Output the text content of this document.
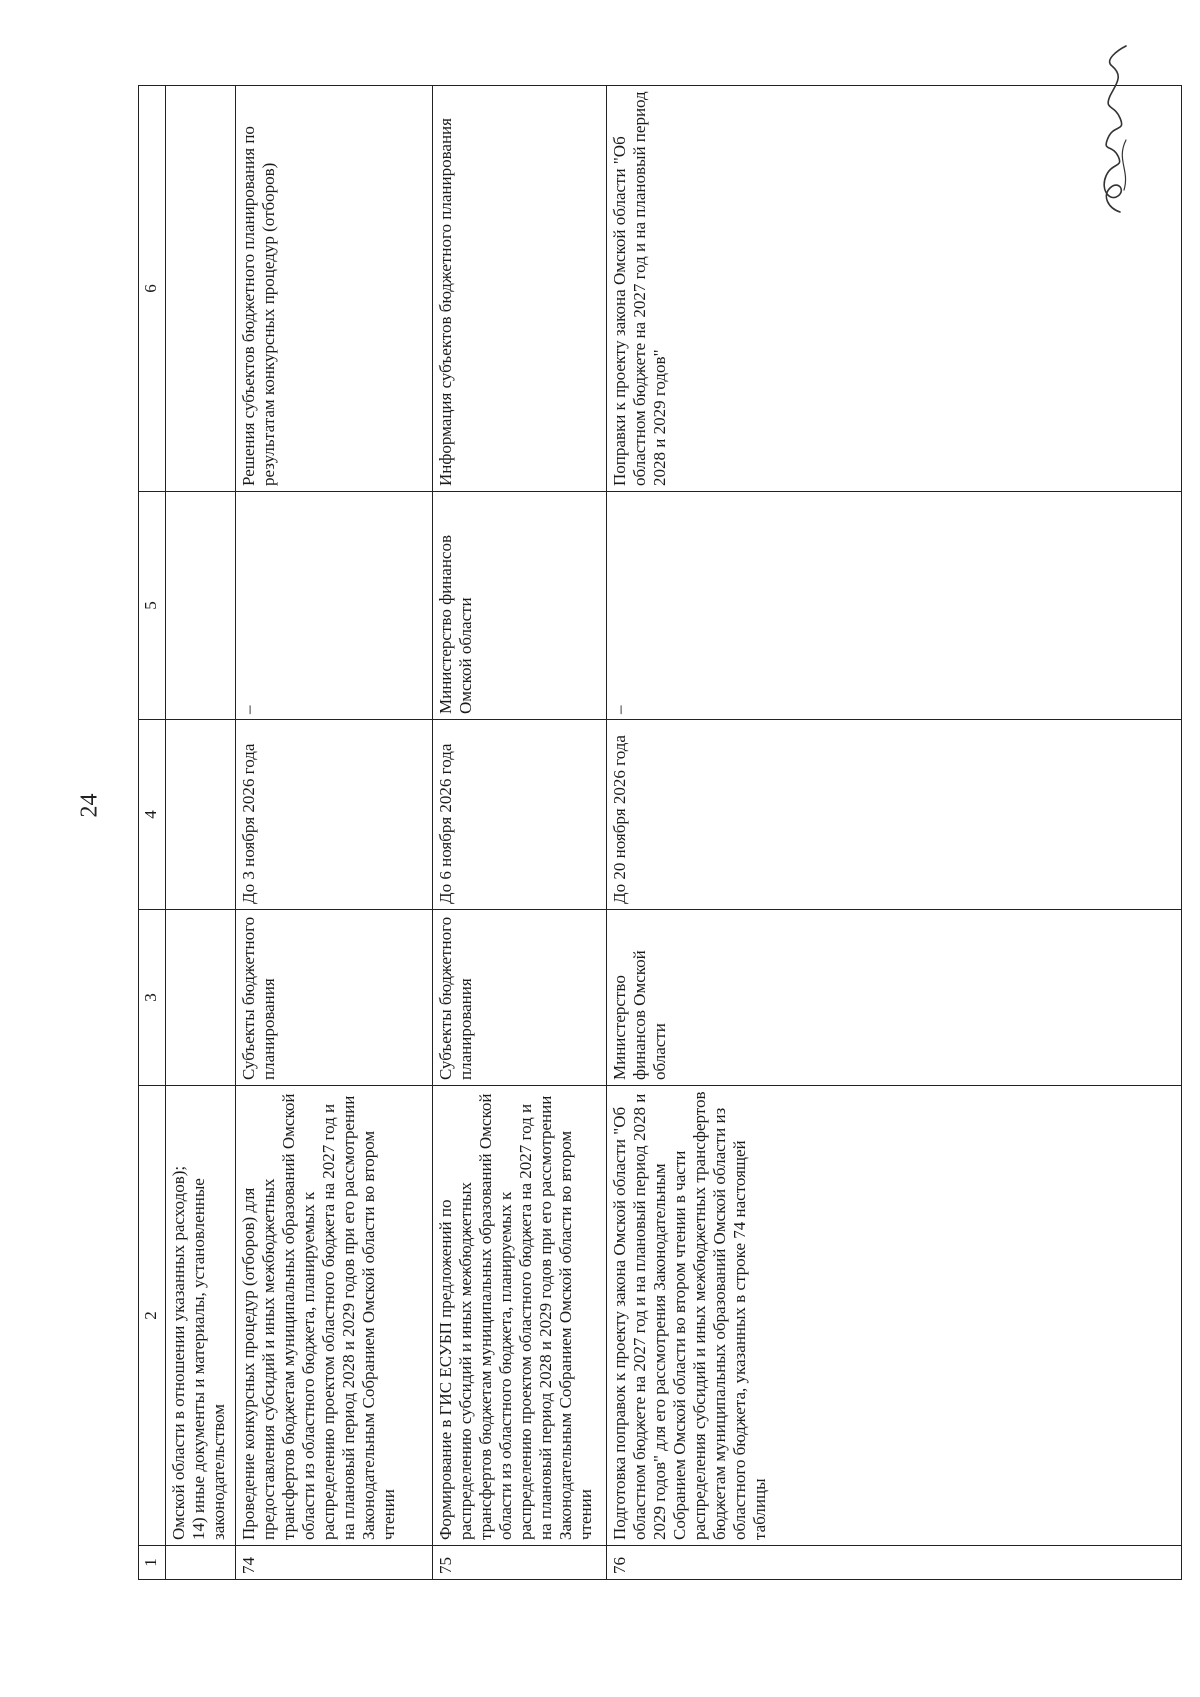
24
1	2	3	4	5	6

	Омской области в отношении указанных расходов); 14) иные документы и материалы, установленные законодательством				

74	Проведение конкурсных процедур (отборов) для предоставления субсидий и иных межбюджетных трансфертов бюджетам муниципальных образований Омской области из областного бюджета, планируемых к распределению проектом областного бюджета на 2027 год и на плановый период 2028 и 2029 годов при его рассмотрении Законодательным Собранием Омской области во втором чтении	Субъекты бюджетного планирования	До 3 ноября 2026 года	–	Решения субъектов бюджетного планирования по результатам конкурсных процедур (отборов)
75	Формирование в ГИС ЕСУБП предложений по распределению субсидий и иных межбюджетных трансфертов бюджетам муниципальных образований Омской области из областного бюджета, планируемых к распределению проектом областного бюджета на 2027 год и на плановый период 2028 и 2029 годов при его рассмотрении Законодательным Собранием Омской области во втором чтении	Субъекты бюджетного планирования	До 6 ноября 2026 года	Министерство финансов Омской области	Информация субъектов бюджетного планирования
76	Подготовка поправок к проекту закона Омской области "Об областном бюджете на 2027 год и на плановый период 2028 и 2029 годов" для его рассмотрения Законодательным Собранием Омской области во втором чтении в части распределения субсидий и иных межбюджетных трансфертов бюджетам муниципальных образований Омской области из областного бюджета, указанных в строке 74 настоящей таблицы	Министерство финансов Омской области	До 20 ноября 2026 года	–	Поправки к проекту закона Омской области "Об областном бюджете на 2027 год и на плановый период 2028 и 2029 годов"
